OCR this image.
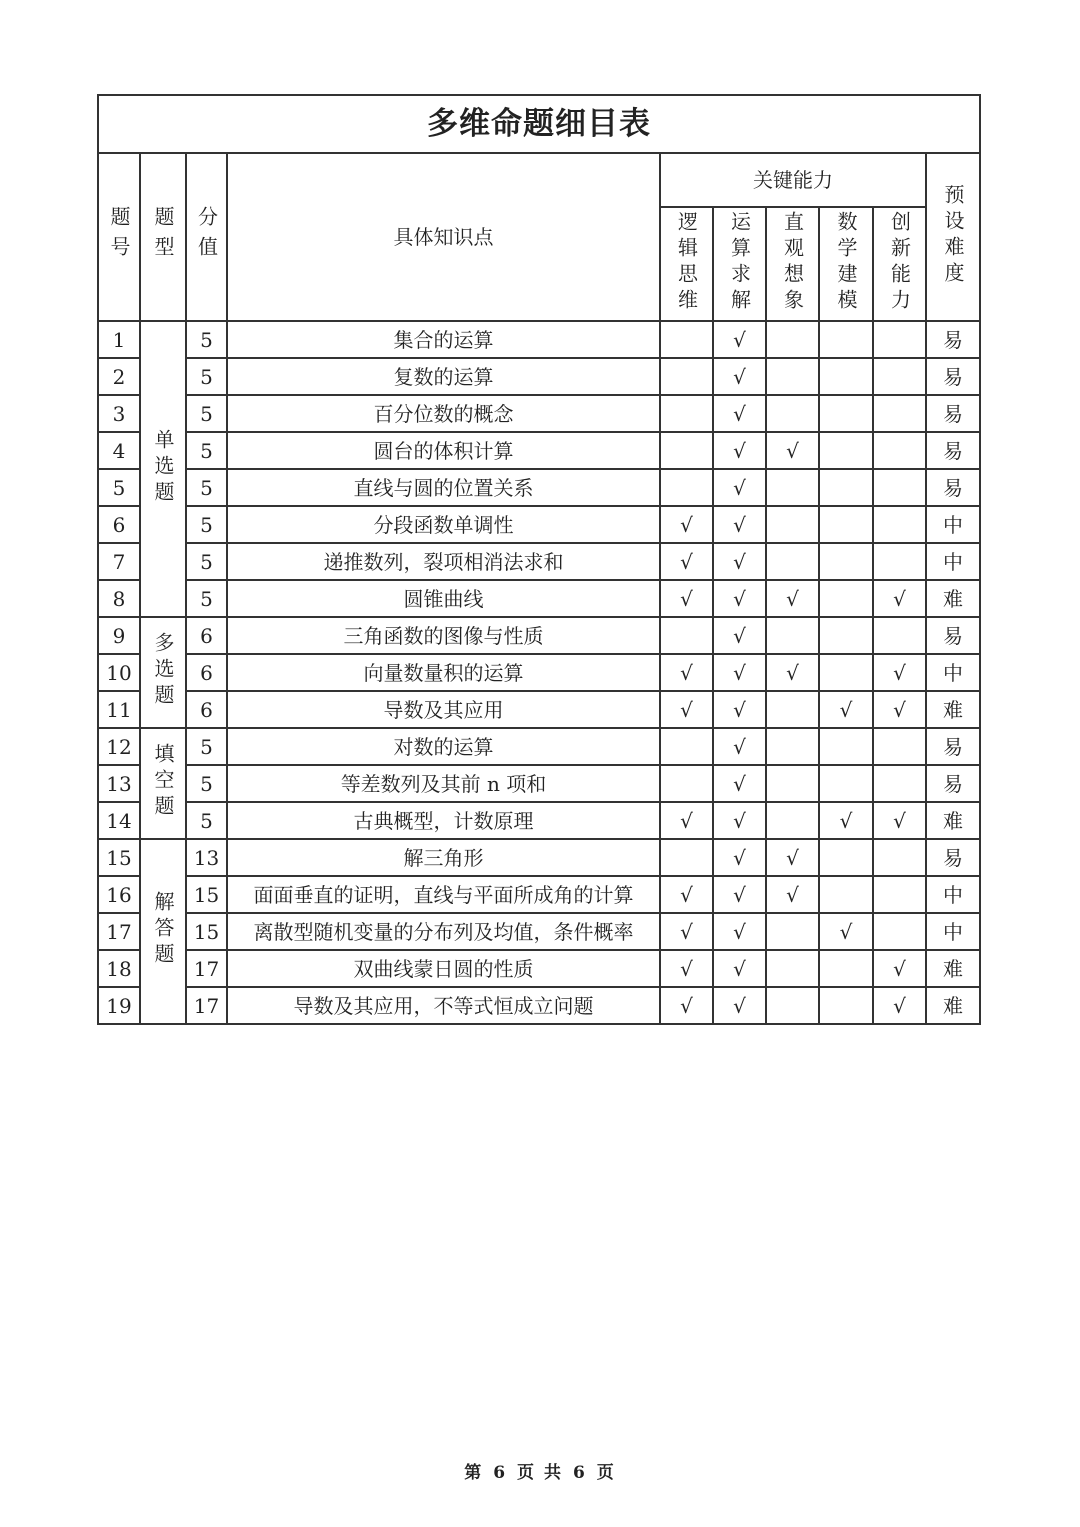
多维命题细目表									
题号	题型	分值	具体知识点	关键能力					预设难度
				逻辑思维	运算求解	直观想象	数学建模	创新能力	
1	单选题	5	集合的运算		√				易
2		5	复数的运算		√				易
3		5	百分位数的概念		√				易
4		5	圆台的体积计算		√	√			易
5		5	直线与圆的位置关系		√				易
6		5	分段函数单调性	√	√				中
7		5	递推数列，裂项相消法求和	√	√				中
8		5	圆锥曲线	√	√	√		√	难
9	多选题	6	三角函数的图像与性质		√				易
10		6	向量数量积的运算	√	√	√		√	中
11		6	导数及其应用	√	√		√	√	难
12	填空题	5	对数的运算		√				易
13		5	等差数列及其前 n 项和		√				易
14		5	古典概型，计数原理	√	√		√	√	难
15	解答题	13	解三角形		√	√			易
16		15	面面垂直的证明，直线与平面所成角的计算	√	√	√			中
17		15	离散型随机变量的分布列及均值，条件概率	√	√		√		中
18		17	双曲线蒙日圆的性质	√	√			√	难
19		17	导数及其应用，不等式恒成立问题	√	√			√	难
第 6 页 共 6 页
